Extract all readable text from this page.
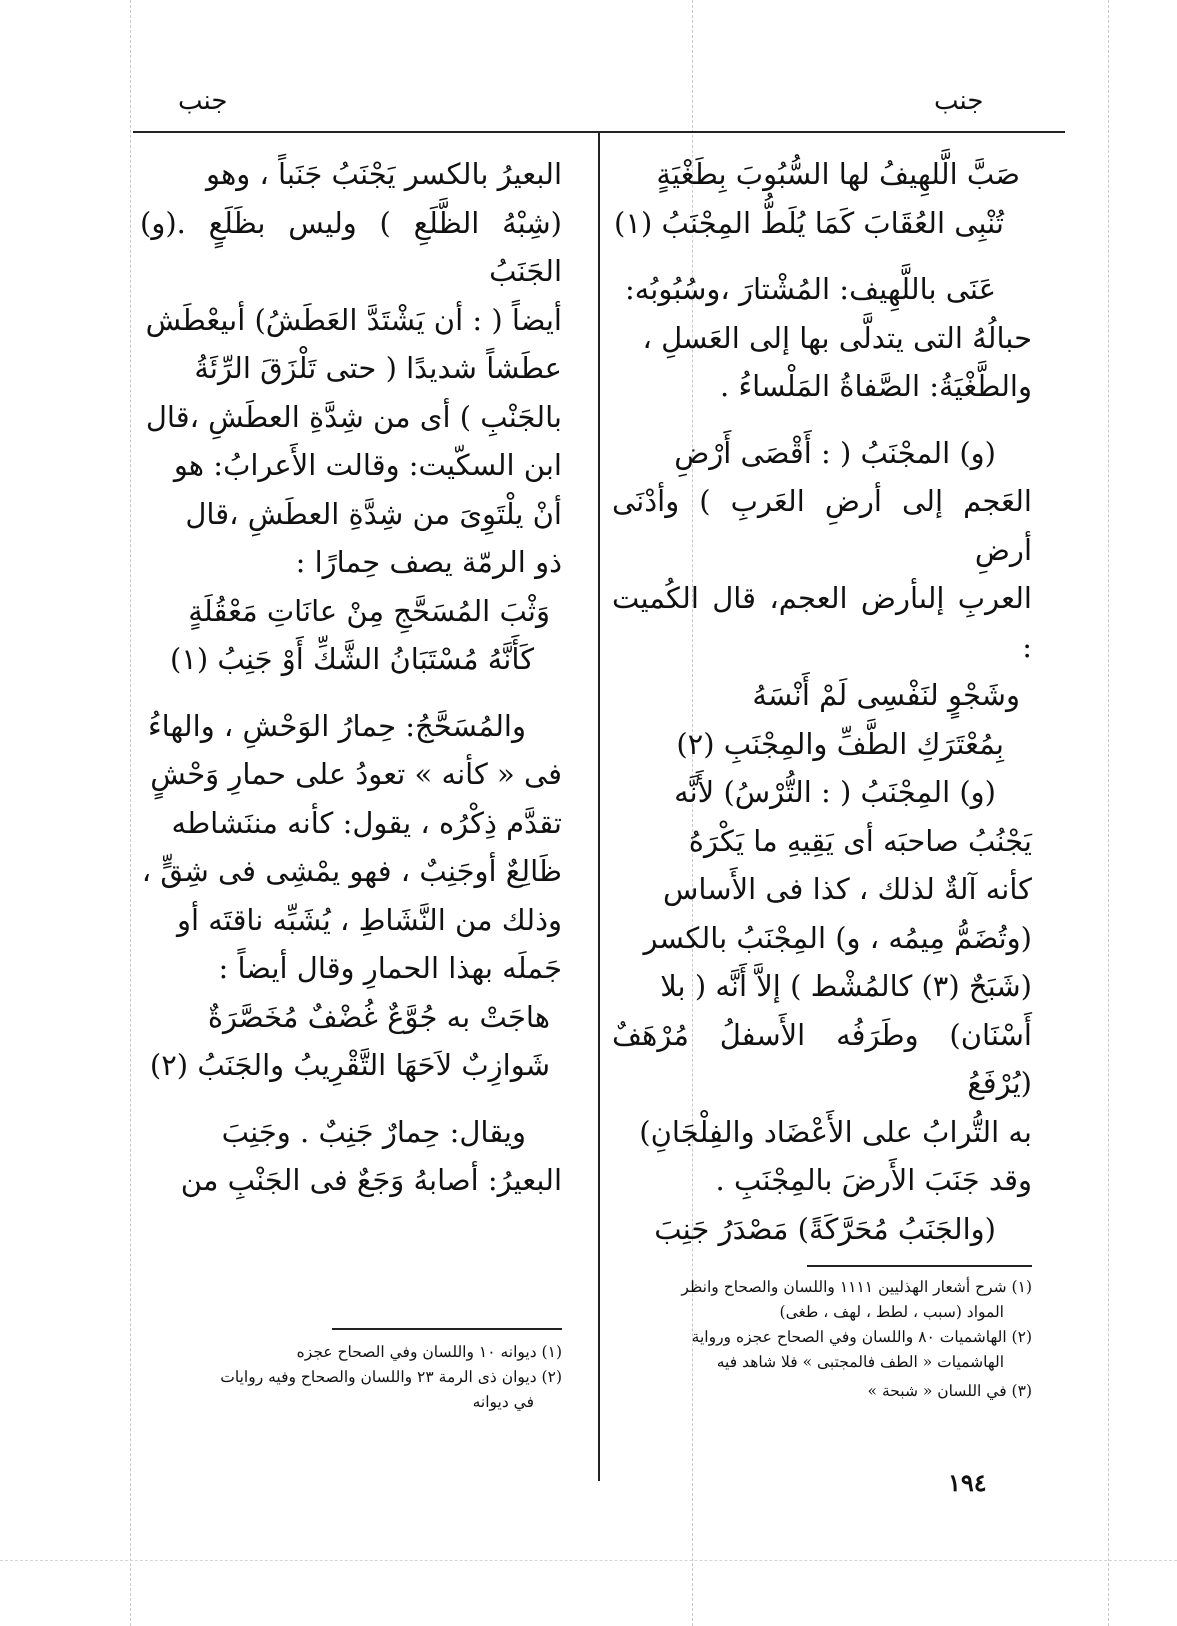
جنب	جنب

صَبَّ الَّلهِيفُ لها السُّبُوبَ بِطَغْيَةٍ

تُنْبِى العُقَابَ كَمَا يُلَطُّ المِجْنَبُ (١)

عَنَى باللَّهِيف: المُشْتارَ ،وسُبُوبُه:

حبالُهُ التى يتدلَّى بها إلى العَسلِ ،

والطَّغْيَةُ: الصَّفاةُ المَلْساءُ .

(و) المجْنَبُ ( : أَقْصَى أَرْضِ

العَجم إلى أرضِ العَربِ ) وأدْنَى أرضِ

العربِ إلىأرض العجم، قال الكُميت :

وشَجْوٍ لنَفْسِى لَمْ أَنْسَهُ

بِمُعْتَرَكِ الطَّفِّ والمِجْنَبِ (٢)

(و) المِجْنَبُ ( : التُّرْسُ) لأَنَّه

يَجْنُبُ صاحبَه أى يَقِيهِ ما يَكْرَهُ

كأنه آلةٌ لذلك ، كذا فى الأَساس

(وتُضَمُّ مِيمُه ، و) المِجْنَبُ بالكسر

(شَبَحٌ (٣) كالمُشْط ) إلاَّ أَنَّه ( بلا

أَسْنَان) وطَرَفُه الأَسفلُ مُرْهَفٌ (يُرْفَعُ

به التُّرابُ على الأَعْضَاد والفِلْجَانِ)

وقد جَنَبَ الأَرضَ بالمِجْنَبِ .

(والجَنَبُ مُحَرَّكَةً) مَصْدَرُ جَنِبَ

(١) شرح أشعار الهذليين ١١١١ واللسان والصحاح وانظر

المواد (سبب ، لطط ، لهف ، طغى)

(٢) الهاشميات ٨٠ واللسان وفي الصحاح عجزه ورواية

الهاشميات « الطف فالمجتبى » فلا شاهد فيه

(٣) في اللسان « شبحة »

البعيرُ بالكسر يَجْنَبُ جَنَباً ، وهو

(شِبْهُ الظَّلَعِ ) وليس بظَلَعٍ .(و) الجَنَبُ

أيضاً ( : أن يَشْتَدَّ العَطَشُ) أىيعْطَش

عطَشاً شديدًا ( حتى تَلْزَقَ الرِّئَةُ

بالجَنْبِ ) أى من شِدَّةِ العطَشِ ،قال

ابن السكّيت: وقالت الأَعرابُ: هو

أنْ يلْتَوِىَ من شِدَّةِ العطَشِ ،قال

ذو الرمّة يصف حِمارًا :

وَثْبَ المُسَحَّجِ مِنْ عانَاتِ مَعْقُلَةٍ

كَأَنَّهُ مُسْتَبَانُ الشَّكِّ أَوْ جَنِبُ (١)

والمُسَحَّجُ: حِمارُ الوَحْشِ ، والهاءُ

فى « كأنه » تعودُ على حمارِ وَحْشٍ

تقدَّم ذِكْرُه ، يقول: كأنه مننَشاطه

ظَالِعٌ أوجَنِبٌ ، فهو يمْشِى فى شِقٍّ ،

وذلك من النَّشَاطِ ، يُشَبِّه ناقتَه أو

جَملَه بهذا الحمارِ وقال أيضاً :

هاجَتْ به جُوَّعٌ غُضْفٌ مُخَصَّرَةٌ

شَوازِبٌ لاَحَهَا التَّقْرِيبُ والجَنَبُ (٢)

ويقال: حِمارٌ جَنِبٌ . وجَنِبَ

البعيرُ: أصابهُ وَجَعٌ فى الجَنْبِ من

(١) ديوانه ١٠ واللسان وفي الصحاح عجزه

(٢) ديوان ذى الرمة ٢٣ واللسان والصحاح وفيه روايات

في ديوانه

١٩٤
